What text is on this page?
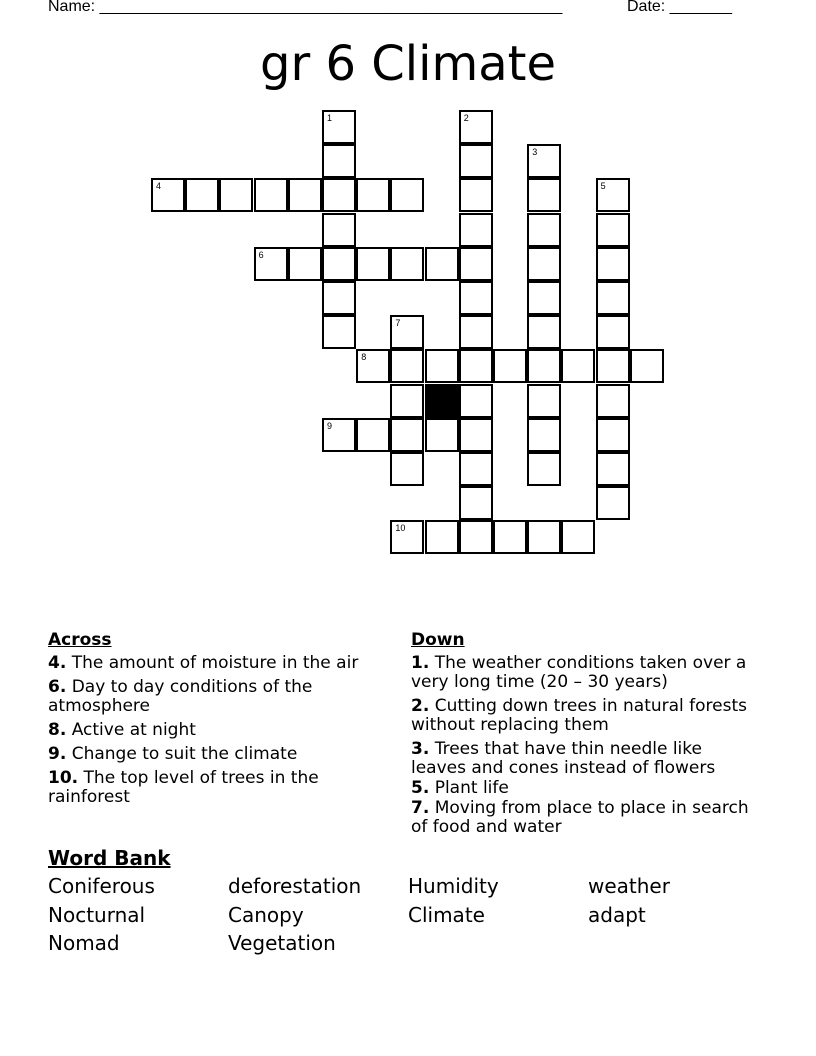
Name: ____________________________________________________	Date: _______
gr 6 Climate
1	2
3
4	5
6
7
8
9
10
Across	Down
4. The amount of moisture in the air
6. Day to day conditions of the atmosphere
8. Active at night
9. Change to suit the climate
10. The top level of trees in the rainforest
1. The weather conditions taken over a very long time (20 – 30 years)
2. Cutting down trees in natural forests without replacing them
3. Trees that have thin needle like leaves and cones instead of flowers
5. Plant life
7. Moving from place to place in search of food and water
Word Bank
Coniferous	deforestation	Humidity	weather
Nocturnal	Canopy	Climate	adapt
Nomad	Vegetation
